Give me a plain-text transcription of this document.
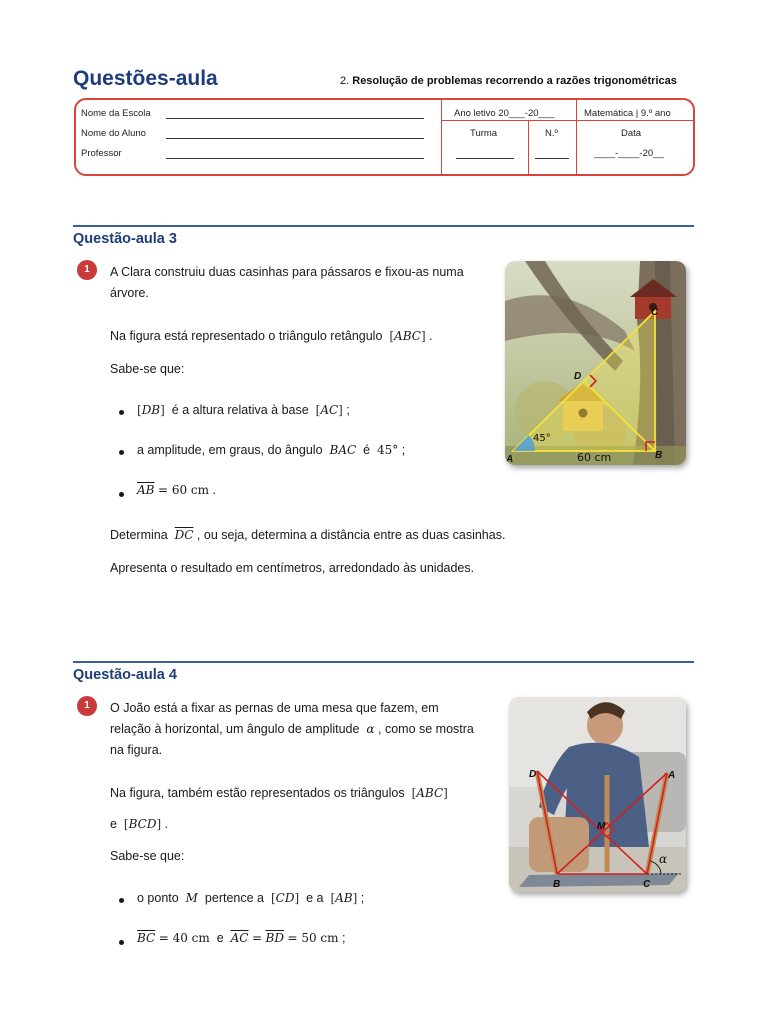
Questões-aula	2. Resolução de problemas recorrendo a razões trigonométricas
Nome da Escola
Nome do Aluno
Professor
Ano letivo 20___-20___	Matemática | 9.º ano
Turma	N.º	Data
____-____-20__
Questão-aula 3
1	A Clara construiu duas casinhas para pássaros e fixou-as numa árvore.
Na figura está representado o triângulo retângulo [ABC] .
Sabe-se que:
[DB] é a altura relativa à base [AC] ;
a amplitude, em graus, do ângulo BAC é 45° ;
$\overline{AB} = 60$ cm .
Determina $\overline{DC}$ , ou seja, determina a distância entre as duas casinhas.
Apresenta o resultado em centímetros, arredondado às unidades.
45°
60 cm
A	B
C
D
Questão-aula 4
1	O João está a fixar as pernas de uma mesa que fazem, em relação à horizontal, um ângulo de amplitude α , como se mostra na figura.
Na figura, também estão representados os triângulos [ABC]
e [BCD] .
Sabe-se que:
o ponto M pertence a [CD] e a [AB] ;
$\overline{BC} = 40$ cm e $\overline{AC} = \overline{BD} = 50$ cm ;
α
D	A
M
B	C
